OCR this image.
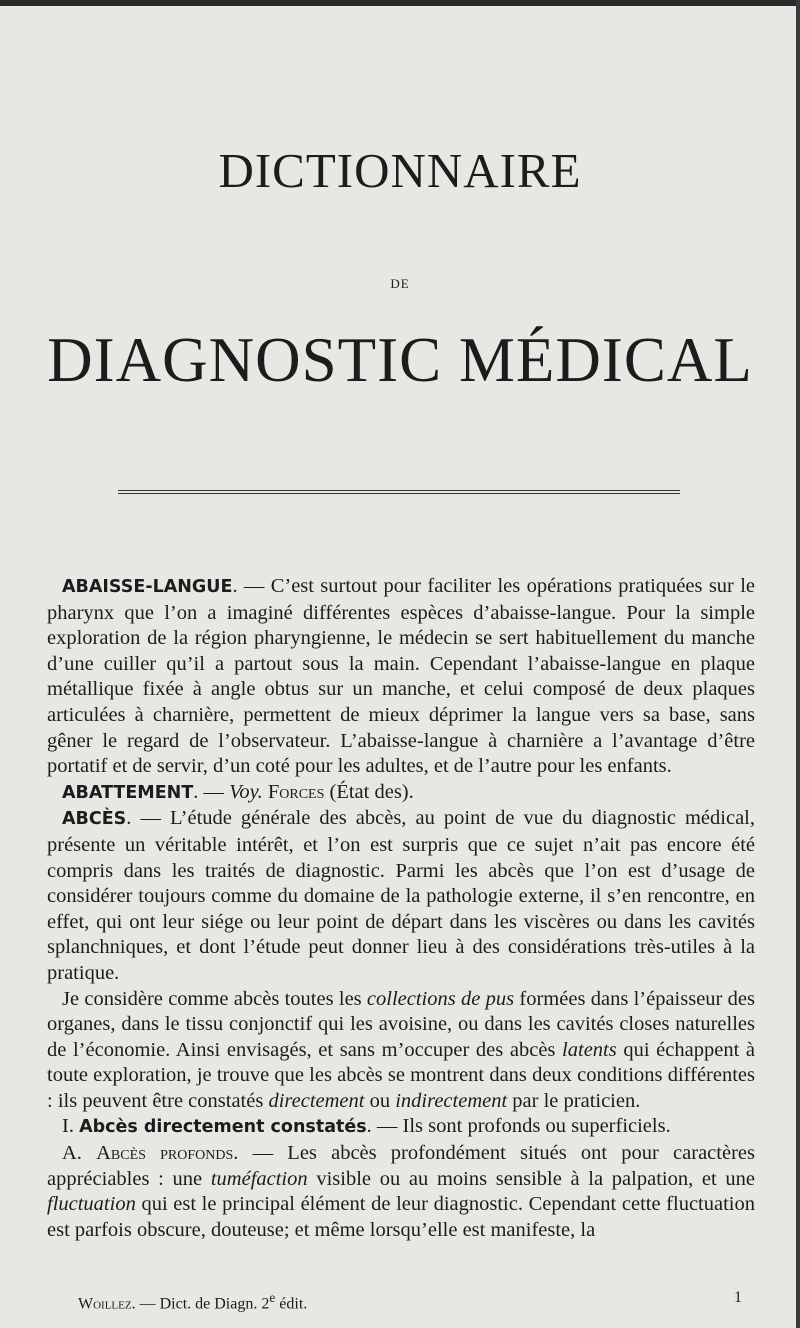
DICTIONNAIRE
DE
DIAGNOSTIC MÉDICAL

ABAISSE-LANGUE. — C’est surtout pour faciliter les opérations pratiquées sur le pharynx que l’on a imaginé différentes espèces d’abaisse-langue. Pour la simple exploration de la région pharyngienne, le médecin se sert habituellement du manche d’une cuiller qu’il a partout sous la main. Cependant l’abaisse-langue en plaque métallique fixée à angle obtus sur un manche, et celui composé de deux plaques articulées à charnière, permettent de mieux déprimer la langue vers sa base, sans gêner le regard de l’observateur. L’abaisse-langue à charnière a l’avantage d’être portatif et de servir, d’un coté pour les adultes, et de l’autre pour les enfants.

ABATTEMENT. — Voy. Forces (État des).

ABCÈS. — L’étude générale des abcès, au point de vue du diagnostic médical, présente un véritable intérêt, et l’on est surpris que ce sujet n’ait pas encore été compris dans les traités de diagnostic. Parmi les abcès que l’on est d’usage de considérer toujours comme du domaine de la pathologie externe, il s’en rencontre, en effet, qui ont leur siége ou leur point de départ dans les viscères ou dans les cavités splanchniques, et dont l’étude peut donner lieu à des considérations très-utiles à la pratique.

Je considère comme abcès toutes les collections de pus formées dans l’épaisseur des organes, dans le tissu conjonctif qui les avoisine, ou dans les cavités closes naturelles de l’économie. Ainsi envisagés, et sans m’occuper des abcès latents qui échappent à toute exploration, je trouve que les abcès se montrent dans deux conditions différentes : ils peuvent être constatés directement ou indirectement par le praticien.

I. Abcès directement constatés. — Ils sont profonds ou superficiels.

A. Abcès profonds. — Les abcès profondément situés ont pour caractères appréciables : une tuméfaction visible ou au moins sensible à la palpation, et une fluctuation qui est le principal élément de leur diagnostic. Cependant cette fluctuation est parfois obscure, douteuse; et même lorsqu’elle est manifeste, la

Woillez. — Dict. de Diagn. 2e édit.	1
